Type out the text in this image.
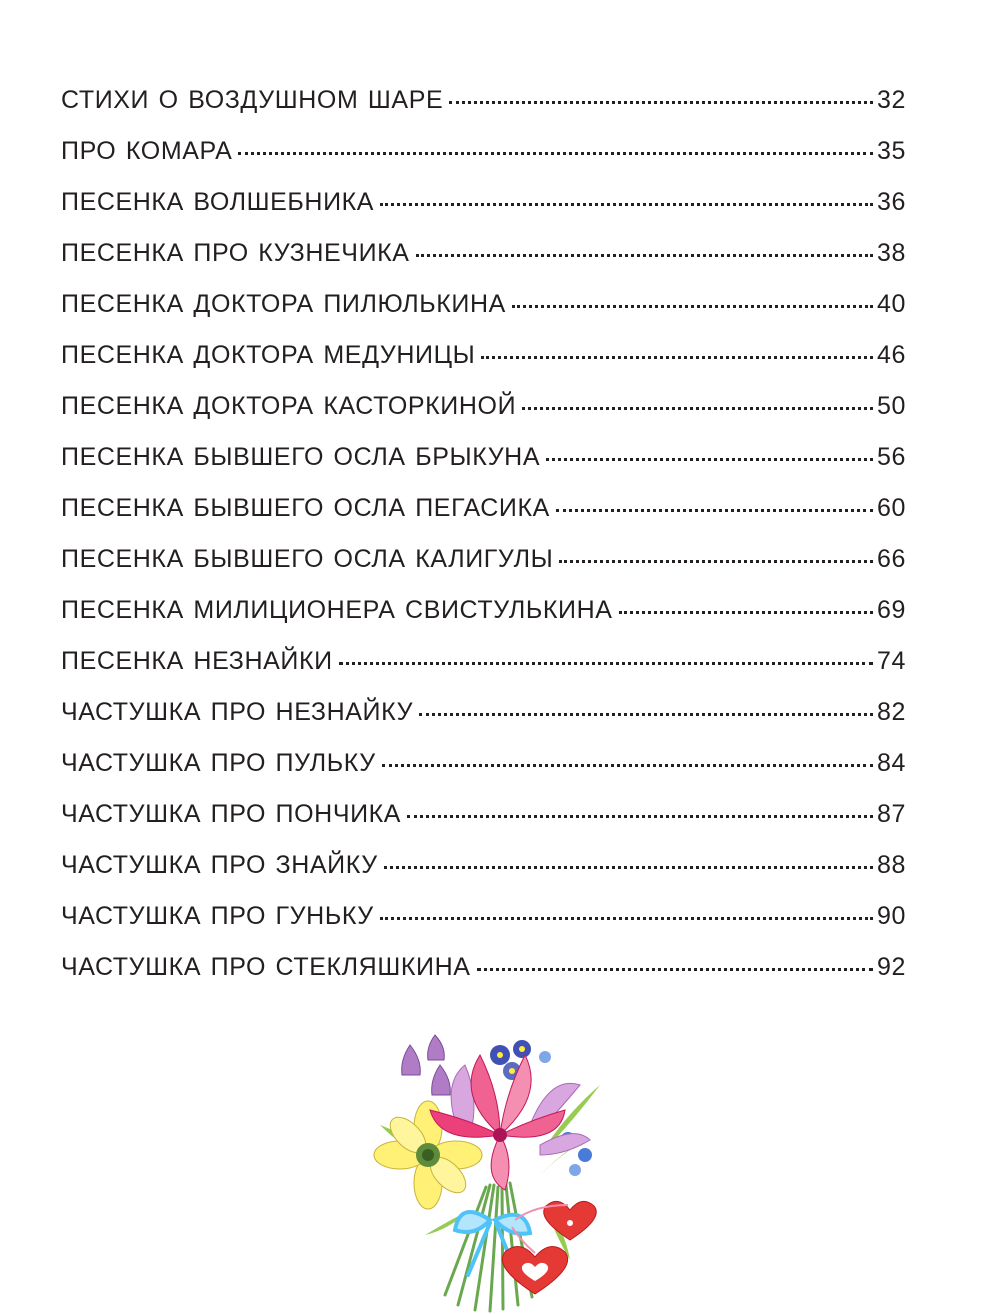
СТИХИ О ВОЗДУШНОМ ШАРЕ	32
ПРО КОМАРА	35
ПЕСЕНКА ВОЛШЕБНИКА	36
ПЕСЕНКА ПРО КУЗНЕЧИКА	38
ПЕСЕНКА ДОКТОРА ПИЛЮЛЬКИНА	40
ПЕСЕНКА ДОКТОРА МЕДУНИЦЫ	46
ПЕСЕНКА ДОКТОРА КАСТОРКИНОЙ	50
ПЕСЕНКА БЫВШЕГО ОСЛА БРЫКУНА	56
ПЕСЕНКА БЫВШЕГО ОСЛА ПЕГАСИКА	60
ПЕСЕНКА БЫВШЕГО ОСЛА КАЛИГУЛЫ	66
ПЕСЕНКА МИЛИЦИОНЕРА СВИСТУЛЬКИНА	69
ПЕСЕНКА НЕЗНАЙКИ	74
ЧАСТУШКА ПРО НЕЗНАЙКУ	82
ЧАСТУШКА ПРО ПУЛЬКУ	84
ЧАСТУШКА ПРО ПОНЧИКА	87
ЧАСТУШКА ПРО ЗНАЙКУ	88
ЧАСТУШКА ПРО ГУНЬКУ	90
ЧАСТУШКА ПРО СТЕКЛЯШКИНА	92
